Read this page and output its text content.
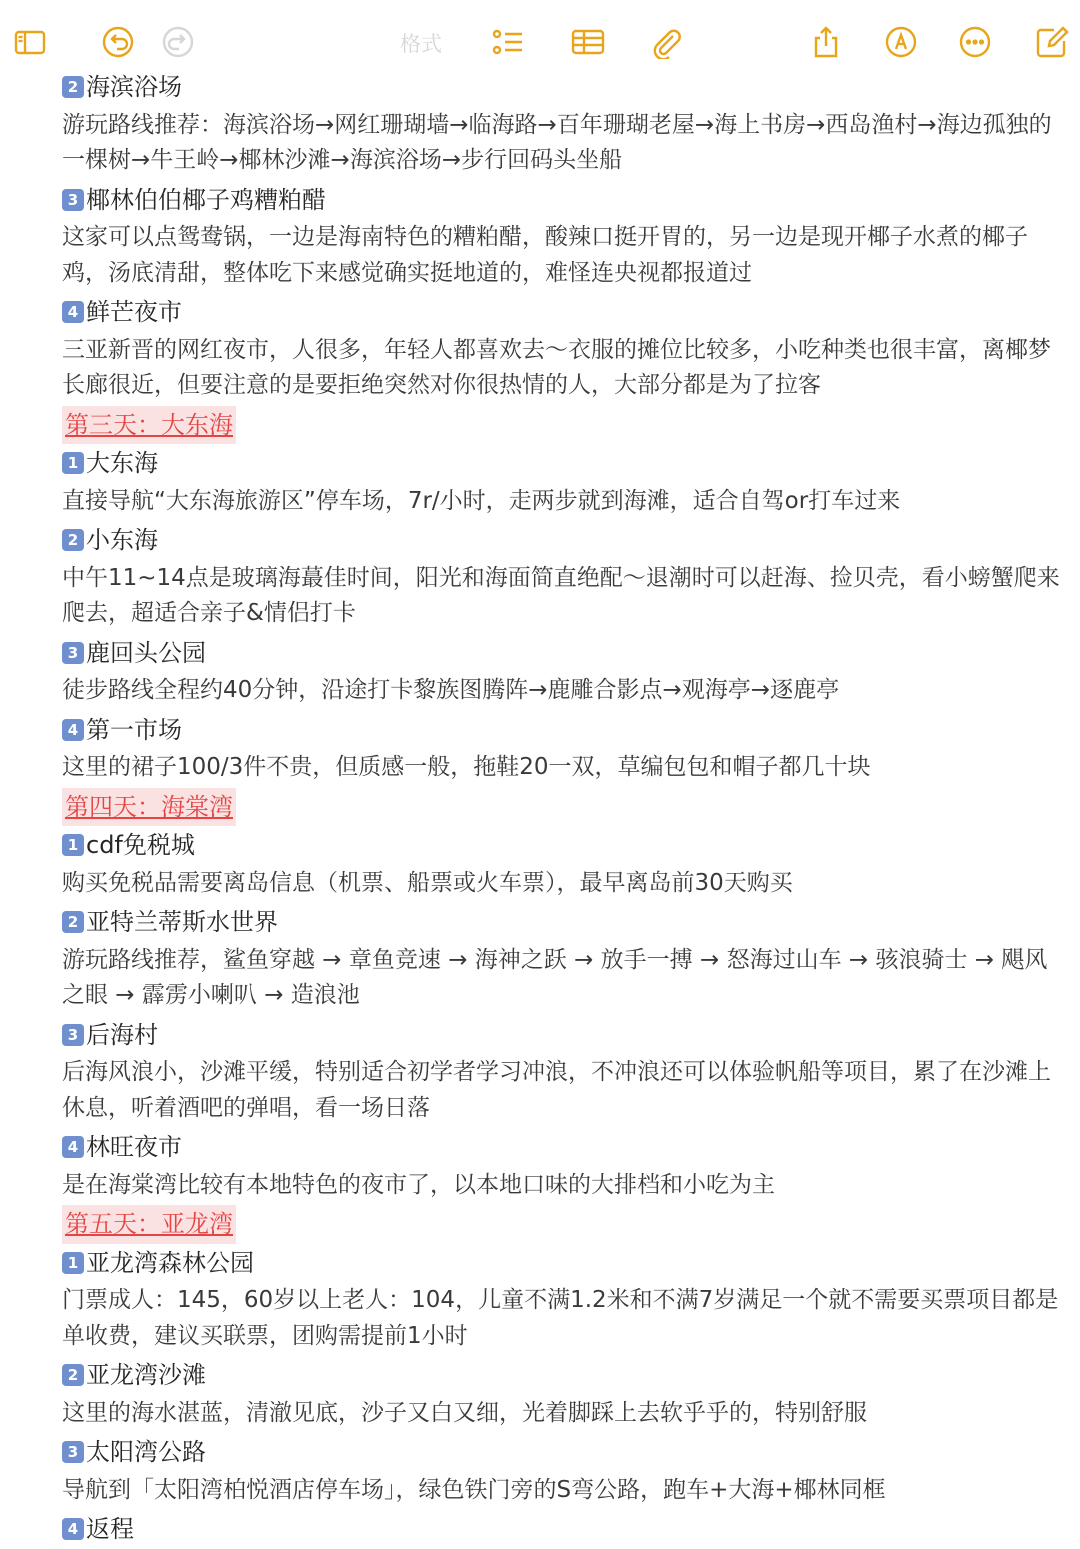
格式
2 海滨浴场
游玩路线推荐：海滨浴场→网红珊瑚墙→临海路→百年珊瑚老屋→海上书房→西岛渔村→海边孤独的一棵树→牛王岭→椰林沙滩→海滨浴场→步行回码头坐船
3 椰林伯伯椰子鸡糟粕醋
这家可以点鸳鸯锅，一边是海南特色的糟粕醋，酸辣口挺开胃的，另一边是现开椰子水煮的椰子鸡，汤底清甜，整体吃下来感觉确实挺地道的，难怪连央视都报道过
4 鲜芒夜市
三亚新晋的网红夜市，人很多，年轻人都喜欢去～衣服的摊位比较多，小吃种类也很丰富，离椰梦长廊很近，但要注意的是要拒绝突然对你很热情的人，大部分都是为了拉客
第三天：大东海
1 大东海
直接导航“大东海旅游区”停车场，7r/小时，走两步就到海滩，适合自驾or打车过来
2 小东海
中午11~14点是玻璃海蕞佳时间，阳光和海面简直绝配～退潮时可以赶海、捡贝壳，看小螃蟹爬来爬去，超适合亲子&情侣打卡
3 鹿回头公园
徒步路线全程约40分钟，沿途打卡黎族图腾阵→鹿雕合影点→观海亭→逐鹿亭
4 第一市场
这里的裙子100/3件不贵，但质感一般，拖鞋20一双，草编包包和帽子都几十块
第四天：海棠湾
1 cdf免税城
购买免税品需要离岛信息（机票、船票或火车票），最早离岛前30天购买
2 亚特兰蒂斯水世界
游玩路线推荐，鲨鱼穿越 → 章鱼竞速 → 海神之跃 → 放手一搏 → 怒海过山车 → 骇浪骑士 → 飓风之眼 → 霹雳小喇叭 → 造浪池
3 后海村
后海风浪小，沙滩平缓，特别适合初学者学习冲浪，不冲浪还可以体验帆船等项目，累了在沙滩上休息，听着酒吧的弹唱，看一场日落
4 林旺夜市
是在海棠湾比较有本地特色的夜市了，以本地口味的大排档和小吃为主
第五天：亚龙湾
1 亚龙湾森林公园
门票成人：145，60岁以上老人：104，儿童不满1.2米和不满7岁满足一个就不需要买票项目都是单收费，建议买联票，团购需提前1小时
2 亚龙湾沙滩
这里的海水湛蓝，清澈见底，沙子又白又细，光着脚踩上去软乎乎的，特别舒服
3 太阳湾公路
导航到「太阳湾柏悦酒店停车场」，绿色铁门旁的S弯公路，跑车+大海+椰林同框
4 返程
